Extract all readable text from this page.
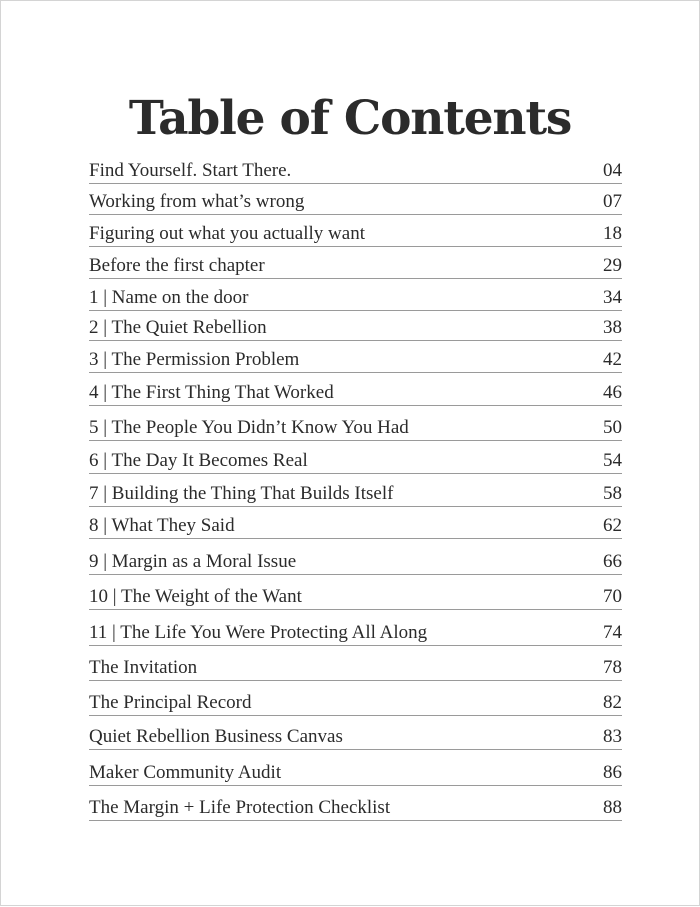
Table of Contents
Find Yourself. Start There.	04
Working from what’s wrong	07
Figuring out what you actually want	18
Before the first chapter	29
1 | Name on the door	34
2 | The Quiet Rebellion	38
3 | The Permission Problem	42
4 | The First Thing That Worked	46
5 | The People You Didn’t Know You Had	50
6 | The Day It Becomes Real	54
7 | Building the Thing That Builds Itself	58
8 | What They Said	62
9 | Margin as a Moral Issue	66
10 | The Weight of the Want	70
11 | The Life You Were Protecting All Along	74
The Invitation	78
The Principal Record	82
Quiet Rebellion Business Canvas	83
Maker Community Audit	86
The Margin + Life Protection Checklist	88
